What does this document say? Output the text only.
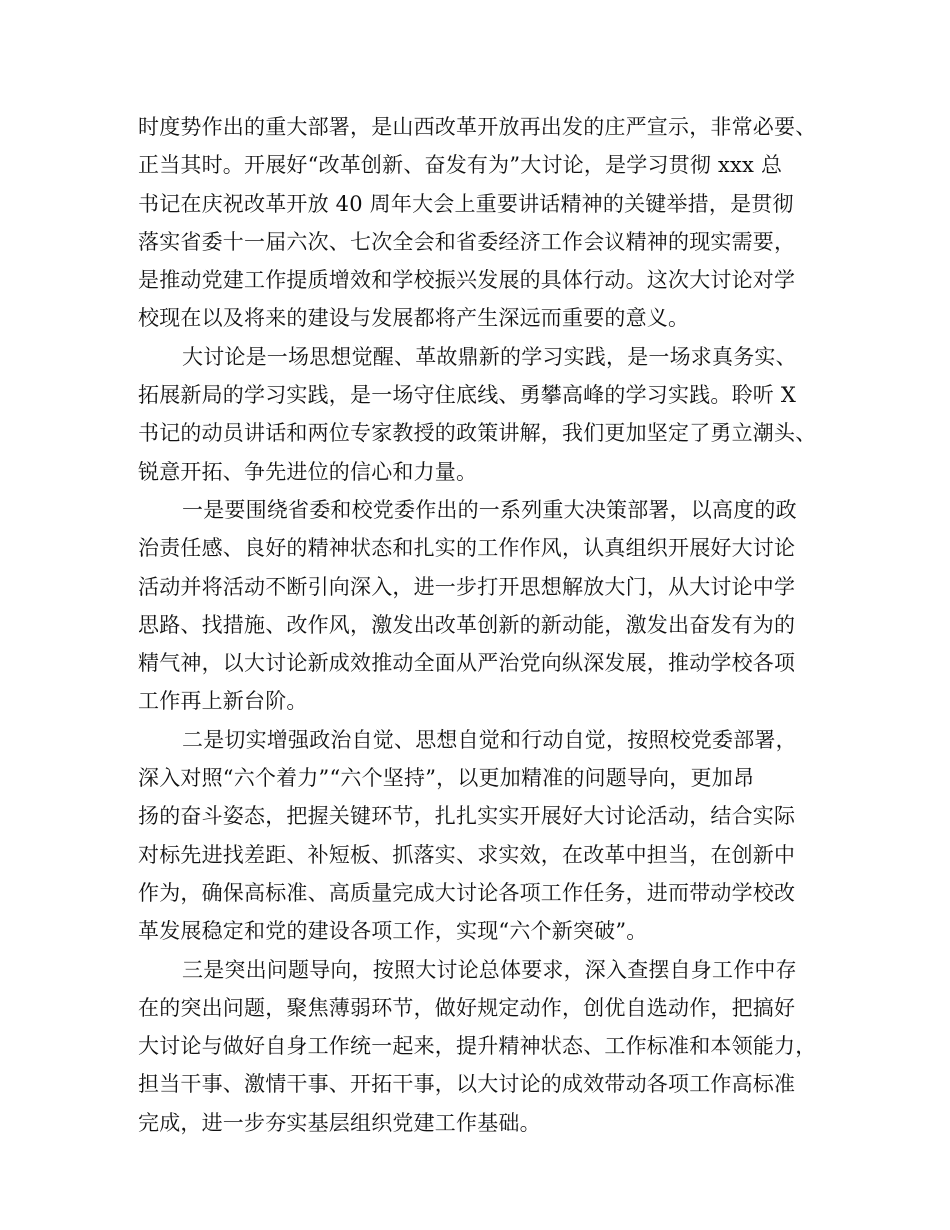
时度势作出的重大部署，是山西改革开放再出发的庄严宣示，非常必要、
正当其时。开展好“改革创新、奋发有为”大讨论，是学习贯彻 xxx 总
书记在庆祝改革开放 40 周年大会上重要讲话精神的关键举措，是贯彻
落实省委十一届六次、七次全会和省委经济工作会议精神的现实需要，
是推动党建工作提质增效和学校振兴发展的具体行动。这次大讨论对学
校现在以及将来的建设与发展都将产生深远而重要的意义。
大讨论是一场思想觉醒、革故鼎新的学习实践，是一场求真务实、
拓展新局的学习实践，是一场守住底线、勇攀高峰的学习实践。聆听 X
书记的动员讲话和两位专家教授的政策讲解，我们更加坚定了勇立潮头、
锐意开拓、争先进位的信心和力量。
一是要围绕省委和校党委作出的一系列重大决策部署，以高度的政
治责任感、良好的精神状态和扎实的工作作风，认真组织开展好大讨论
活动并将活动不断引向深入，进一步打开思想解放大门，从大讨论中学
思路、找措施、改作风，激发出改革创新的新动能，激发出奋发有为的
精气神，以大讨论新成效推动全面从严治党向纵深发展，推动学校各项
工作再上新台阶。
二是切实增强政治自觉、思想自觉和行动自觉，按照校党委部署，
深入对照“六个着力”“六个坚持”，以更加精准的问题导向，更加昂
扬的奋斗姿态，把握关键环节，扎扎实实开展好大讨论活动，结合实际
对标先进找差距、补短板、抓落实、求实效，在改革中担当，在创新中
作为，确保高标准、高质量完成大讨论各项工作任务，进而带动学校改
革发展稳定和党的建设各项工作，实现“六个新突破”。
三是突出问题导向，按照大讨论总体要求，深入查摆自身工作中存
在的突出问题，聚焦薄弱环节，做好规定动作，创优自选动作，把搞好
大讨论与做好自身工作统一起来，提升精神状态、工作标准和本领能力，
担当干事、激情干事、开拓干事，以大讨论的成效带动各项工作高标准
完成，进一步夯实基层组织党建工作基础。
